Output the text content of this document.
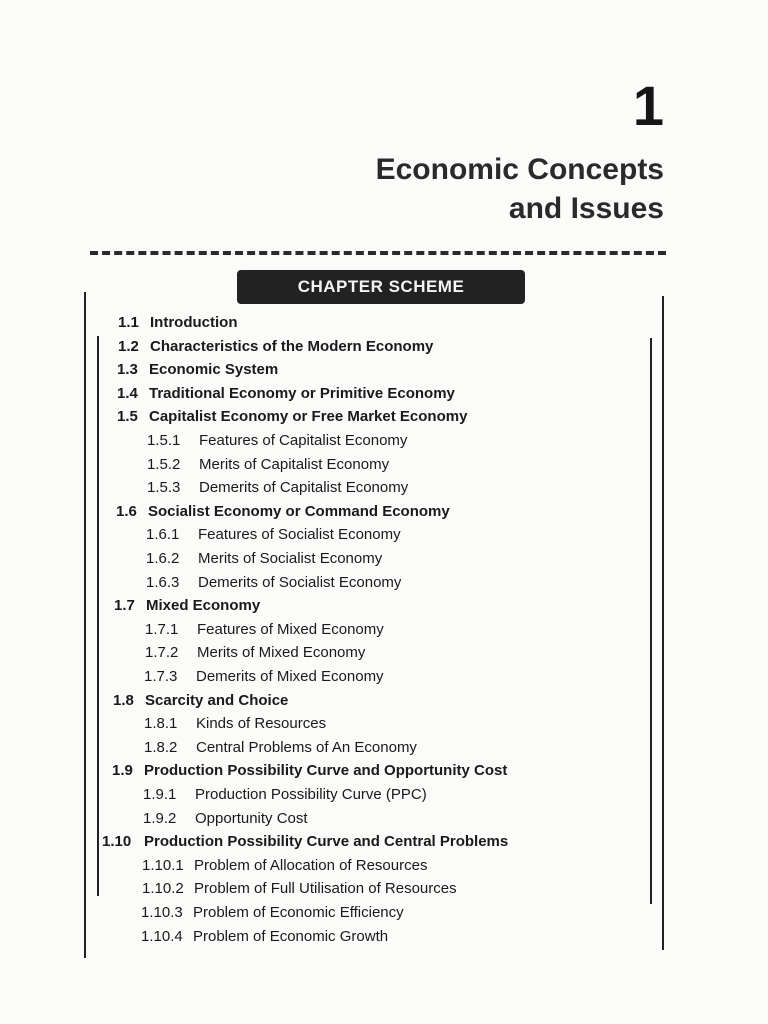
1
Economic Concepts
and Issues
CHAPTER SCHEME
1.1 Introduction
1.2 Characteristics of the Modern Economy
1.3 Economic System
1.4 Traditional Economy or Primitive Economy
1.5 Capitalist Economy or Free Market Economy
1.5.1	Features of Capitalist Economy
1.5.2	Merits of Capitalist Economy
1.5.3	Demerits of Capitalist Economy
1.6 Socialist Economy or Command Economy
1.6.1	Features of Socialist Economy
1.6.2	Merits of Socialist Economy
1.6.3	Demerits of Socialist Economy
1.7 Mixed Economy
1.7.1	Features of Mixed Economy
1.7.2	Merits of Mixed Economy
1.7.3	Demerits of Mixed Economy
1.8 Scarcity and Choice
1.8.1	Kinds of Resources
1.8.2	Central Problems of An Economy
1.9 Production Possibility Curve and Opportunity Cost
1.9.1	Production Possibility Curve (PPC)
1.9.2	Opportunity Cost
1.10 Production Possibility Curve and Central Problems
1.10.1 Problem of Allocation of Resources
1.10.2 Problem of Full Utilisation of Resources
1.10.3 Problem of Economic Efficiency
1.10.4 Problem of Economic Growth
